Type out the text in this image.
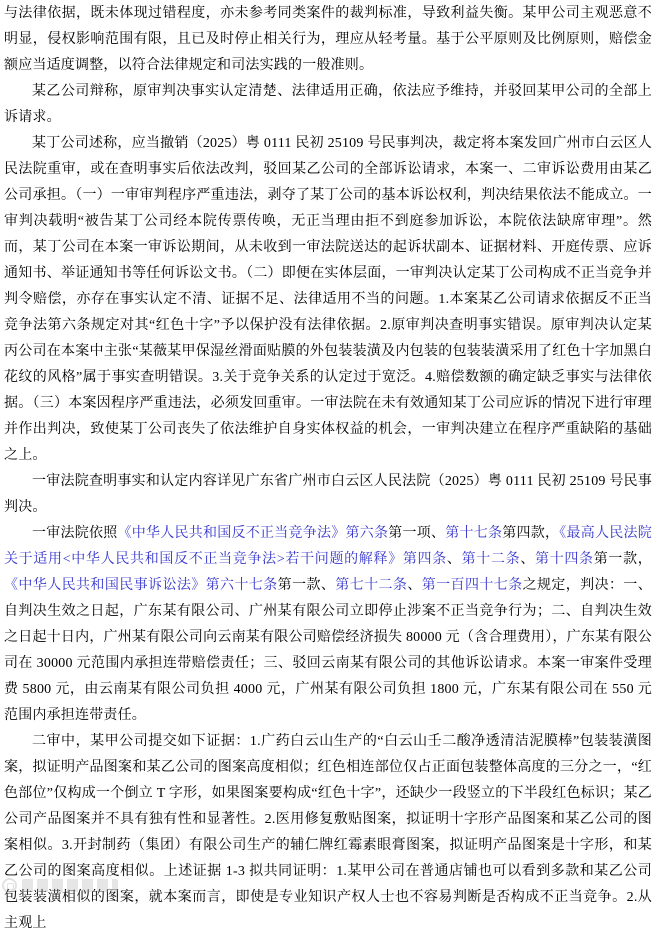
与法律依据，既未体现过错程度，亦未参考同类案件的裁判标准，导致利益失衡。某甲公司主观恶意不明显，侵权影响范围有限，且已及时停止相关行为，理应从轻考量。基于公平原则及比例原则，赔偿金额应当适度调整，以符合法律规定和司法实践的一般准则。

某乙公司辩称，原审判决事实认定清楚、法律适用正确，依法应予维持，并驳回某甲公司的全部上诉请求。

某丁公司述称，应当撤销（2025）粤 0111 民初 25109 号民事判决，裁定将本案发回广州市白云区人民法院重审，或在查明事实后依法改判，驳回某乙公司的全部诉讼请求，本案一、二审诉讼费用由某乙公司承担。（一）一审审判程序严重违法，剥夺了某丁公司的基本诉讼权利，判决结果依法不能成立。一审判决载明“被告某丁公司经本院传票传唤，无正当理由拒不到庭参加诉讼，本院依法缺席审理”。然而，某丁公司在本案一审诉讼期间，从未收到一审法院送达的起诉状副本、证据材料、开庭传票、应诉通知书、举证通知书等任何诉讼文书。（二）即便在实体层面，一审判决认定某丁公司构成不正当竞争并判令赔偿，亦存在事实认定不清、证据不足、法律适用不当的问题。1.本案某乙公司请求依据反不正当竞争法第六条规定对其“红色十字”予以保护没有法律依据。2.原审判决查明事实错误。原审判决认定某丙公司在本案中主张“某薇某甲保湿丝滑面贴膜的外包装装潢及内包装的包装装潢采用了红色十字加黑白花纹的风格”属于事实查明错误。3.关于竞争关系的认定过于宽泛。4.赔偿数额的确定缺乏事实与法律依据。（三）本案因程序严重违法，必须发回重审。一审法院在未有效通知某丁公司应诉的情况下进行审理并作出判决，致使某丁公司丧失了依法维护自身实体权益的机会，一审判决建立在程序严重缺陷的基础之上。

一审法院查明事实和认定内容详见广东省广州市白云区人民法院（2025）粤 0111 民初 25109 号民事判决。

一审法院依照《中华人民共和国反不正当竞争法》第六条第一项、第十七条第四款，《最高人民法院关于适用<中华人民共和国反不正当竞争法>若干问题的解释》第四条、第十二条、第十四条第一款，《中华人民共和国民事诉讼法》第六十七条第一款、第七十二条、第一百四十七条之规定，判决：一、自判决生效之日起，广东某有限公司、广州某有限公司立即停止涉案不正当竞争行为；二、自判决生效之日起十日内，广州某有限公司向云南某有限公司赔偿经济损失 80000 元（含合理费用），广东某有限公司在 30000 元范围内承担连带赔偿责任；三、驳回云南某有限公司的其他诉讼请求。本案一审案件受理费 5800 元，由云南某有限公司负担 4000 元，广州某有限公司负担 1800 元，广东某有限公司在 550 元范围内承担连带责任。

二审中，某甲公司提交如下证据：1.广药白云山生产的“白云山壬二酸净透清洁泥膜棒”包装装潢图案，拟证明产品图案和某乙公司的图案高度相似；红色相连部位仅占正面包装整体高度的三分之一，“红色部位”仅构成一个倒立 T 字形，如果图案要构成“红色十字”，还缺少一段竖立的下半段红色标识；某乙公司产品图案并不具有独有性和显著性。2.医用修复敷贴图案，拟证明十字形产品图案和某乙公司的图案相似。3.开封制药（集团）有限公司生产的辅仁牌红霉素眼膏图案，拟证明产品图案是十字形，和某乙公司的图案高度相似。上述证据 1-3 拟共同证明：1.某甲公司在普通店铺也可以看到多款和某乙公司包装装潢相似的图案，就本案而言，即使是专业知识产权人士也不容易判断是否构成不正当竞争。2.从主观上
